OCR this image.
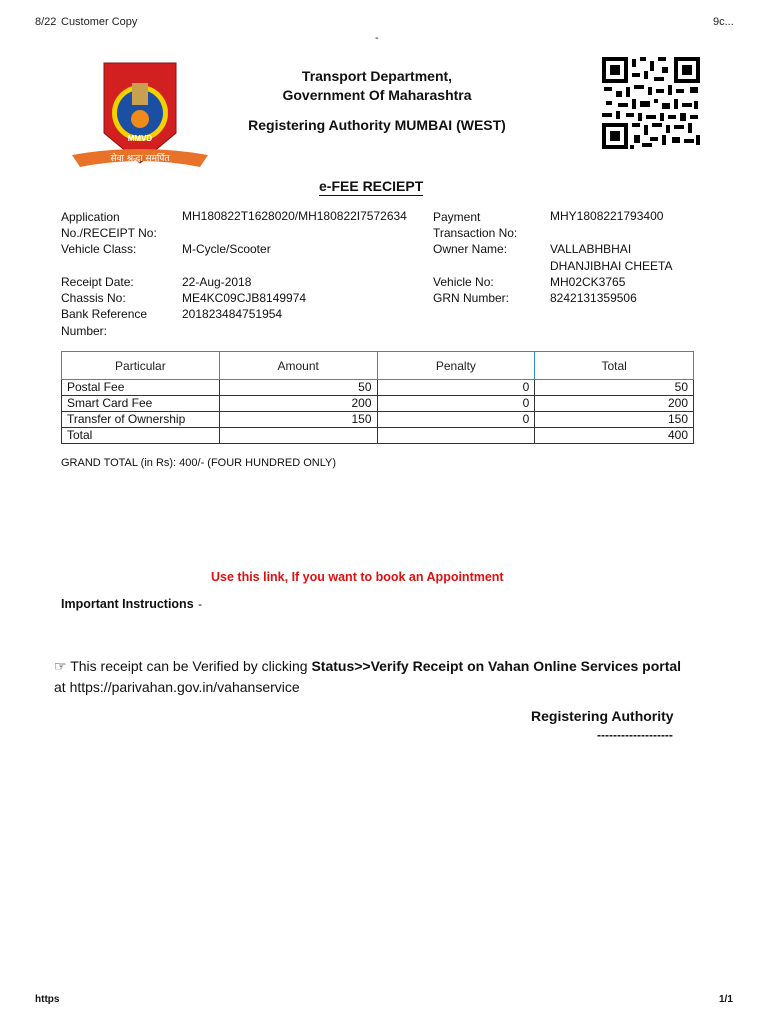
8/22 Customer Copy	9c...
-
MMVD
सेवा श्रद्धा समर्पित
Transport Department,
Government Of Maharashtra
Registering Authority MUMBAI (WEST)
e-FEE RECIEPT
Application
No./RECEIPT No:
MH180822T1628020/MH180822I7572634
Vehicle Class:	M-Cycle/Scooter
Receipt Date:	22-Aug-2018
Chassis No:	ME4KC09CJB8149974
Bank Reference
Number:
201823484751954
Payment
Transaction No:
MHY1808221793400
Owner Name:	VALLABHBHAI
DHANJIBHAI CHEETA
Vehicle No:	MH02CK3765
GRN Number:	8242131359506
Particular	Amount	Penalty	Total
Postal Fee	50	0	50
Smart Card Fee	200	0	200
Transfer of Ownership	150	0	150
Total			400
GRAND TOTAL (in Rs): 400/- (FOUR HUNDRED ONLY)
Use this link, If you want to book an Appointment
Important Instructions -
☞ This receipt can be Verified by clicking Status>>Verify Receipt on Vahan Online Services portal at https://parivahan.gov.in/vahanservice
Registering Authority
-------------------
https	1/1
